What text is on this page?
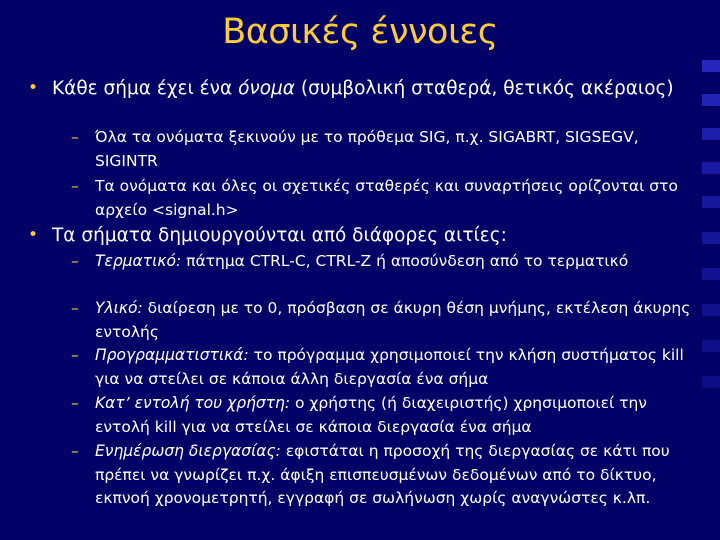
Βασικές έννοιες
• Κάθε σήμα έχει ένα όνομα (συμβολική σταθερά, θετικός ακέραιος)
– Όλα τα ονόματα ξεκινούν με το πρόθεμα SIG, π.χ. SIGABRT, SIGSEGV, SIGINTR
– Τα ονόματα και όλες οι σχετικές σταθερές και συναρτήσεις ορίζονται στο αρχείο <signal.h>
• Τα σήματα δημιουργούνται από διάφορες αιτίες:
– Τερματικό: πάτημα CTRL-C, CTRL-Z ή αποσύνδεση από το τερματικό
– Υλικό: διαίρεση με το 0, πρόσβαση σε άκυρη θέση μνήμης, εκτέλεση άκυρης εντολής
– Προγραμματιστικά: το πρόγραμμα χρησιμοποιεί την κλήση συστήματος kill για να στείλει σε κάποια άλλη διεργασία ένα σήμα
– Κατ’ εντολή του χρήστη: ο χρήστης (ή διαχειριστής) χρησιμοποιεί την εντολή kill για να στείλει σε κάποια διεργασία ένα σήμα
– Ενημέρωση διεργασίας: εφιστάται η προσοχή της διεργασίας σε κάτι που πρέπει να γνωρίζει π.χ. άφιξη επισπευσμένων δεδομένων από το δίκτυο, εκπνοή χρονομετρητή, εγγραφή σε σωλήνωση χωρίς αναγνώστες κ.λπ.
